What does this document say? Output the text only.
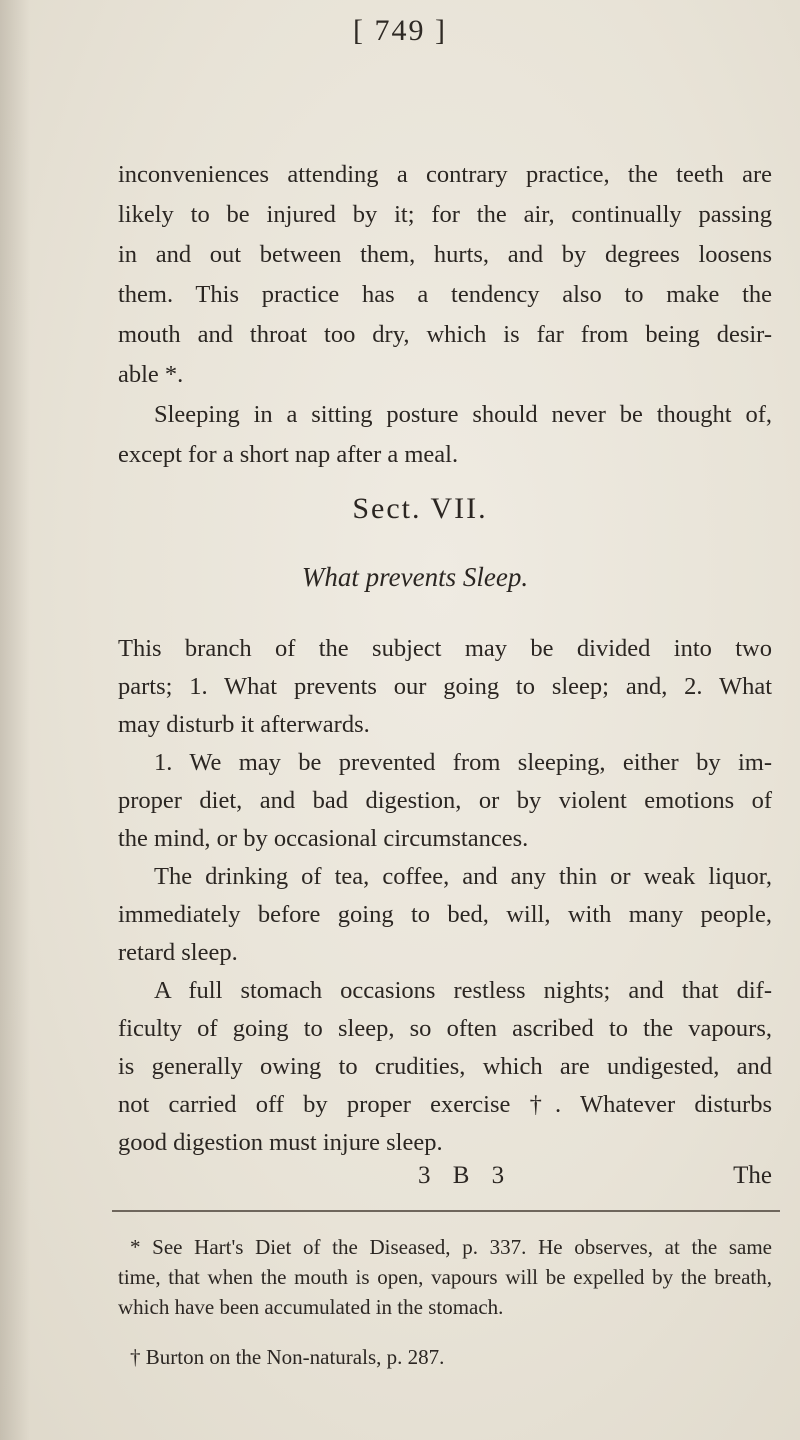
[ 749 ]
inconveniences attending a contrary practice, the teeth are
likely to be injured by it; for the air, continually passing
in and out between them, hurts, and by degrees loosens
them. This practice has a tendency also to make the
mouth and throat too dry, which is far from being desir-
able *.
Sleeping in a sitting posture should never be thought of,
except for a short nap after a meal.
Sect. VII.
What prevents Sleep.
This branch of the subject may be divided into two
parts; 1. What prevents our going to sleep; and, 2. What
may disturb it afterwards.
1. We may be prevented from sleeping, either by im-
proper diet, and bad digestion, or by violent emotions of
the mind, or by occasional circumstances.
The drinking of tea, coffee, and any thin or weak liquor,
immediately before going to bed, will, with many people,
retard sleep.
A full stomach occasions restless nights; and that dif-
ficulty of going to sleep, so often ascribed to the vapours,
is generally owing to crudities, which are undigested, and
not carried off by proper exercise †. Whatever disturbs
good digestion must injure sleep.
* See Hart's Diet of the Diseased, p. 337. He observes, at the same
time, that when the mouth is open, vapours will be expelled by the breath,
which have been accumulated in the stomach.
† Burton on the Non-naturals, p. 287.
3 B 3	The
